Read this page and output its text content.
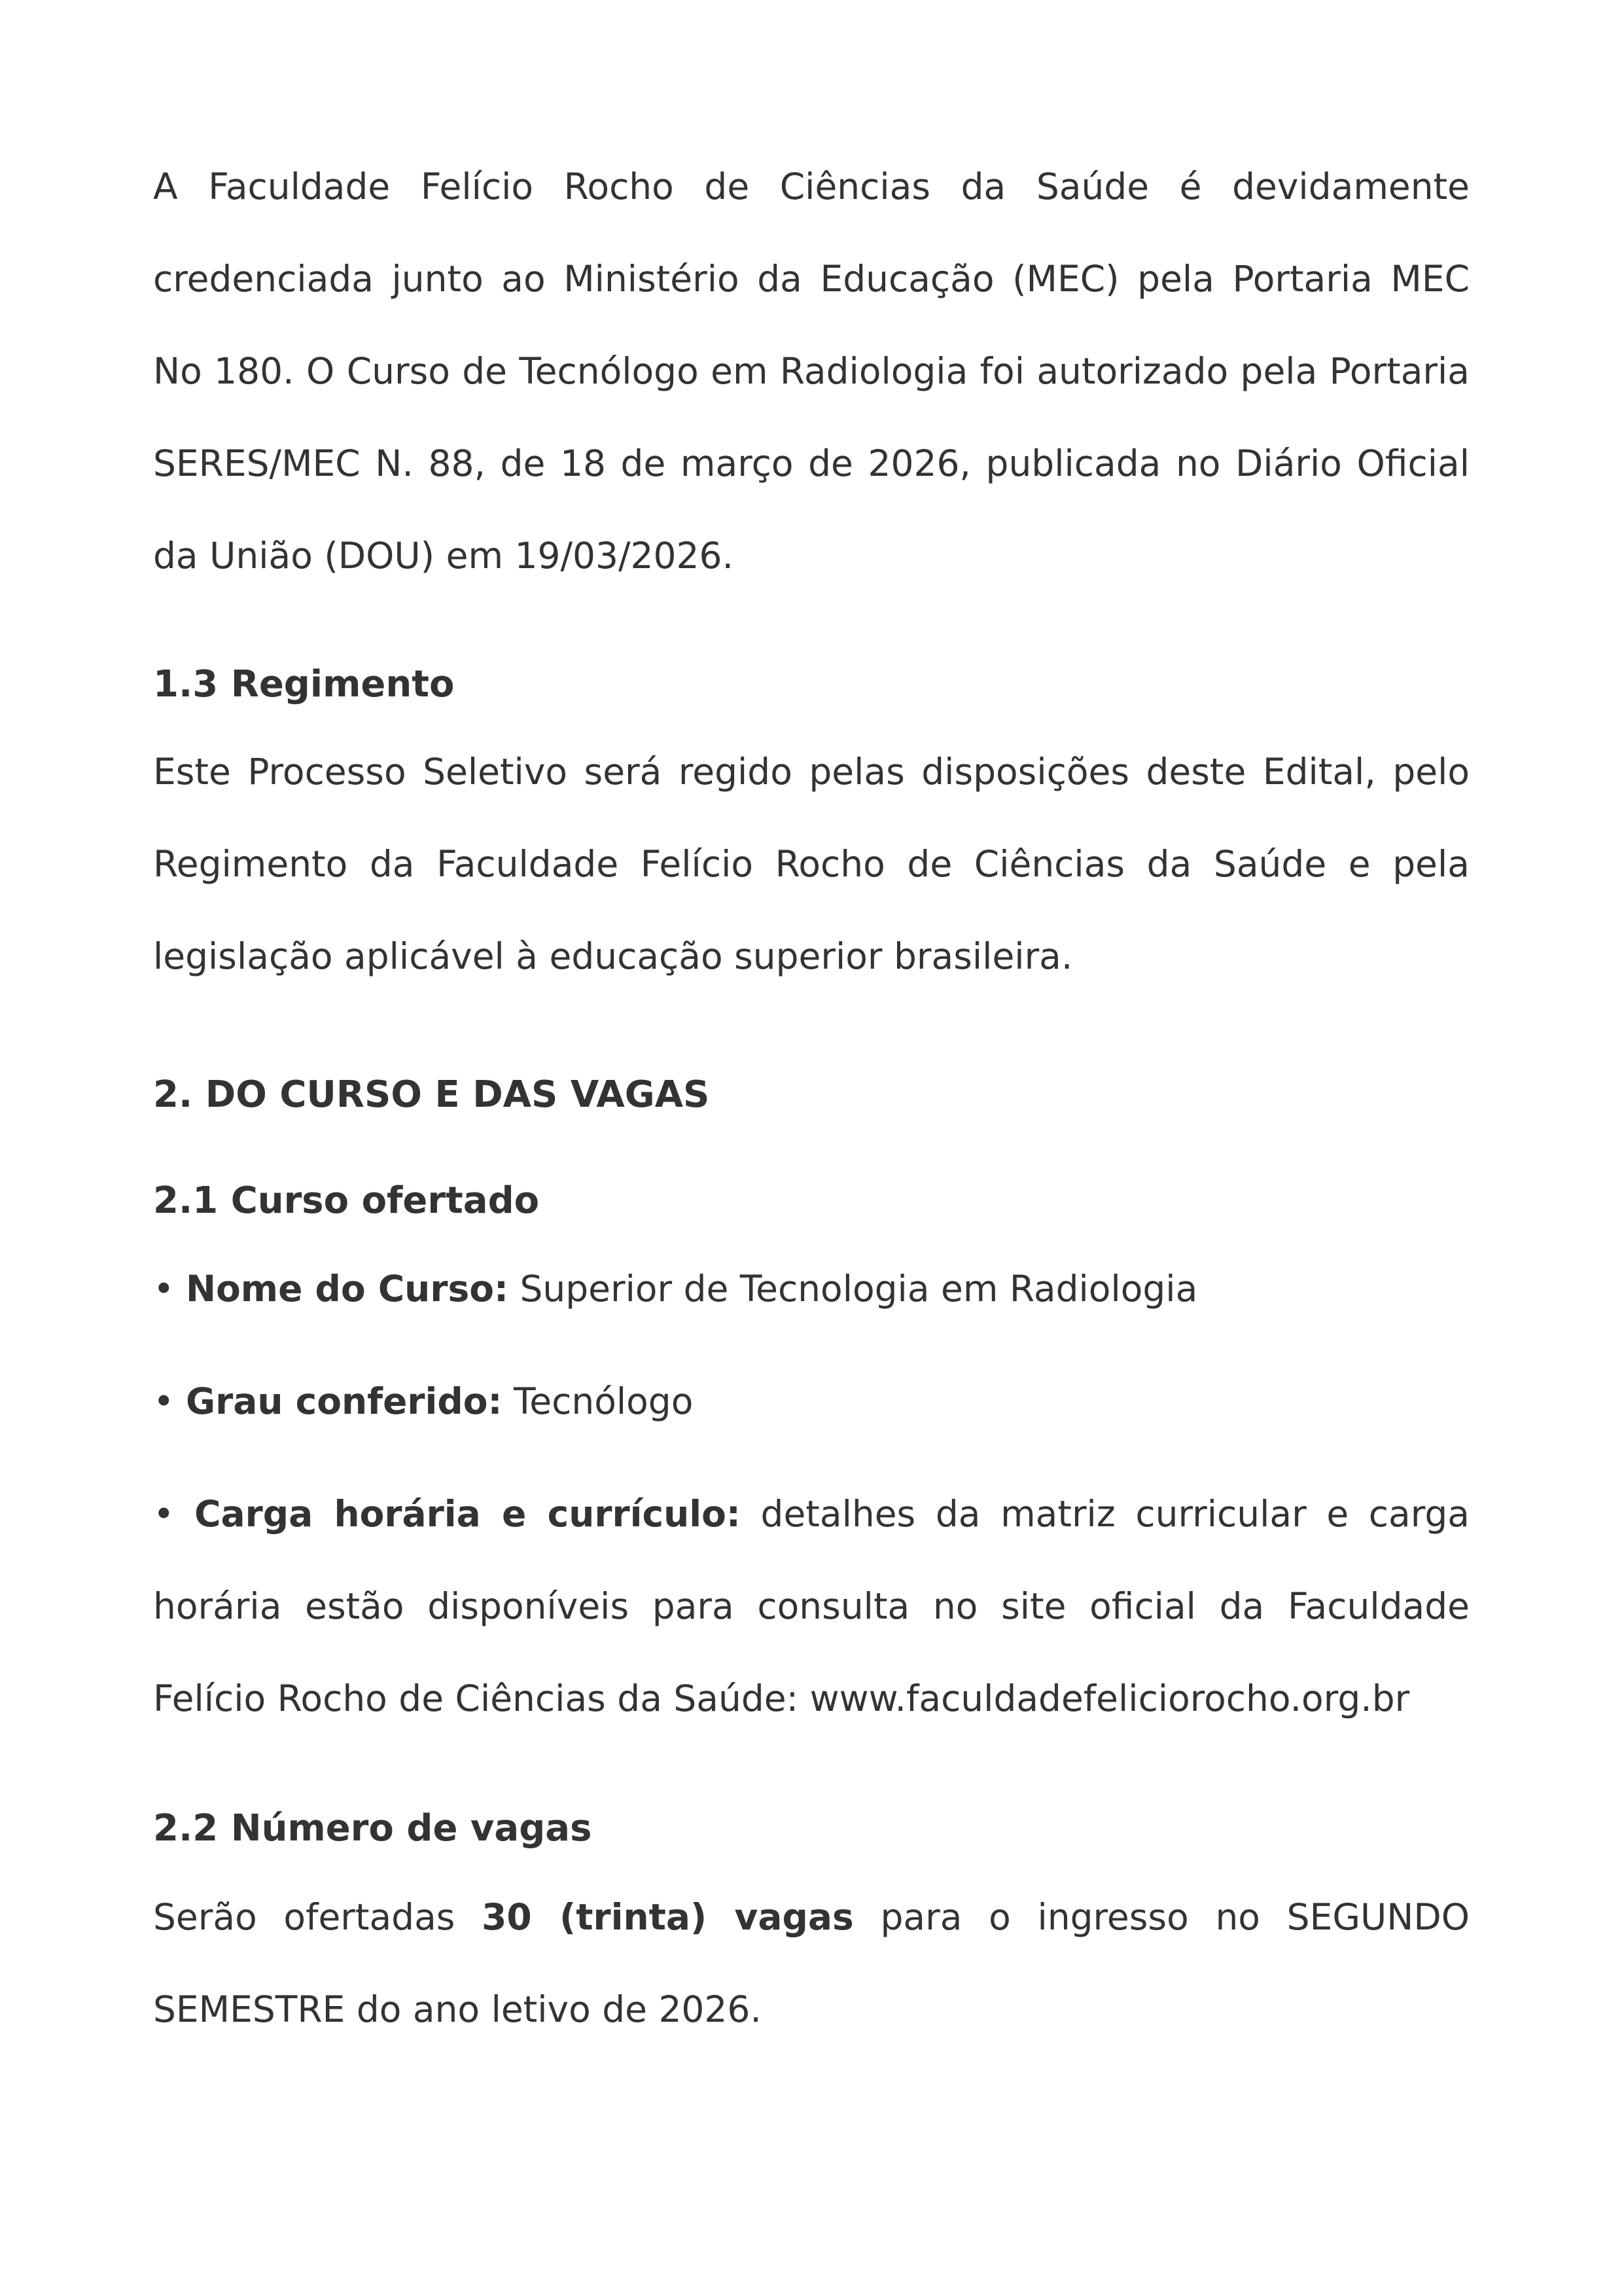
A Faculdade Felício Rocho de Ciências da Saúde é devidamente credenciada junto ao Ministério da Educação (MEC) pela Portaria MEC No 180. O Curso de Tecnólogo em Radiologia foi autorizado pela Portaria SERES/MEC N. 88, de 18 de março de 2026, publicada no Diário Oficial da União (DOU) em 19/03/2026.
1.3 Regimento
Este Processo Seletivo será regido pelas disposições deste Edital, pelo Regimento da Faculdade Felício Rocho de Ciências da Saúde e pela legislação aplicável à educação superior brasileira.
2. DO CURSO E DAS VAGAS
2.1 Curso ofertado
• Nome do Curso: Superior de Tecnologia em Radiologia
• Grau conferido: Tecnólogo
• Carga horária e currículo: detalhes da matriz curricular e carga horária estão disponíveis para consulta no site oficial da Faculdade Felício Rocho de Ciências da Saúde: www.faculdadefeliciorocho.org.br
2.2 Número de vagas
Serão ofertadas 30 (trinta) vagas para o ingresso no SEGUNDO SEMESTRE do ano letivo de 2026.
